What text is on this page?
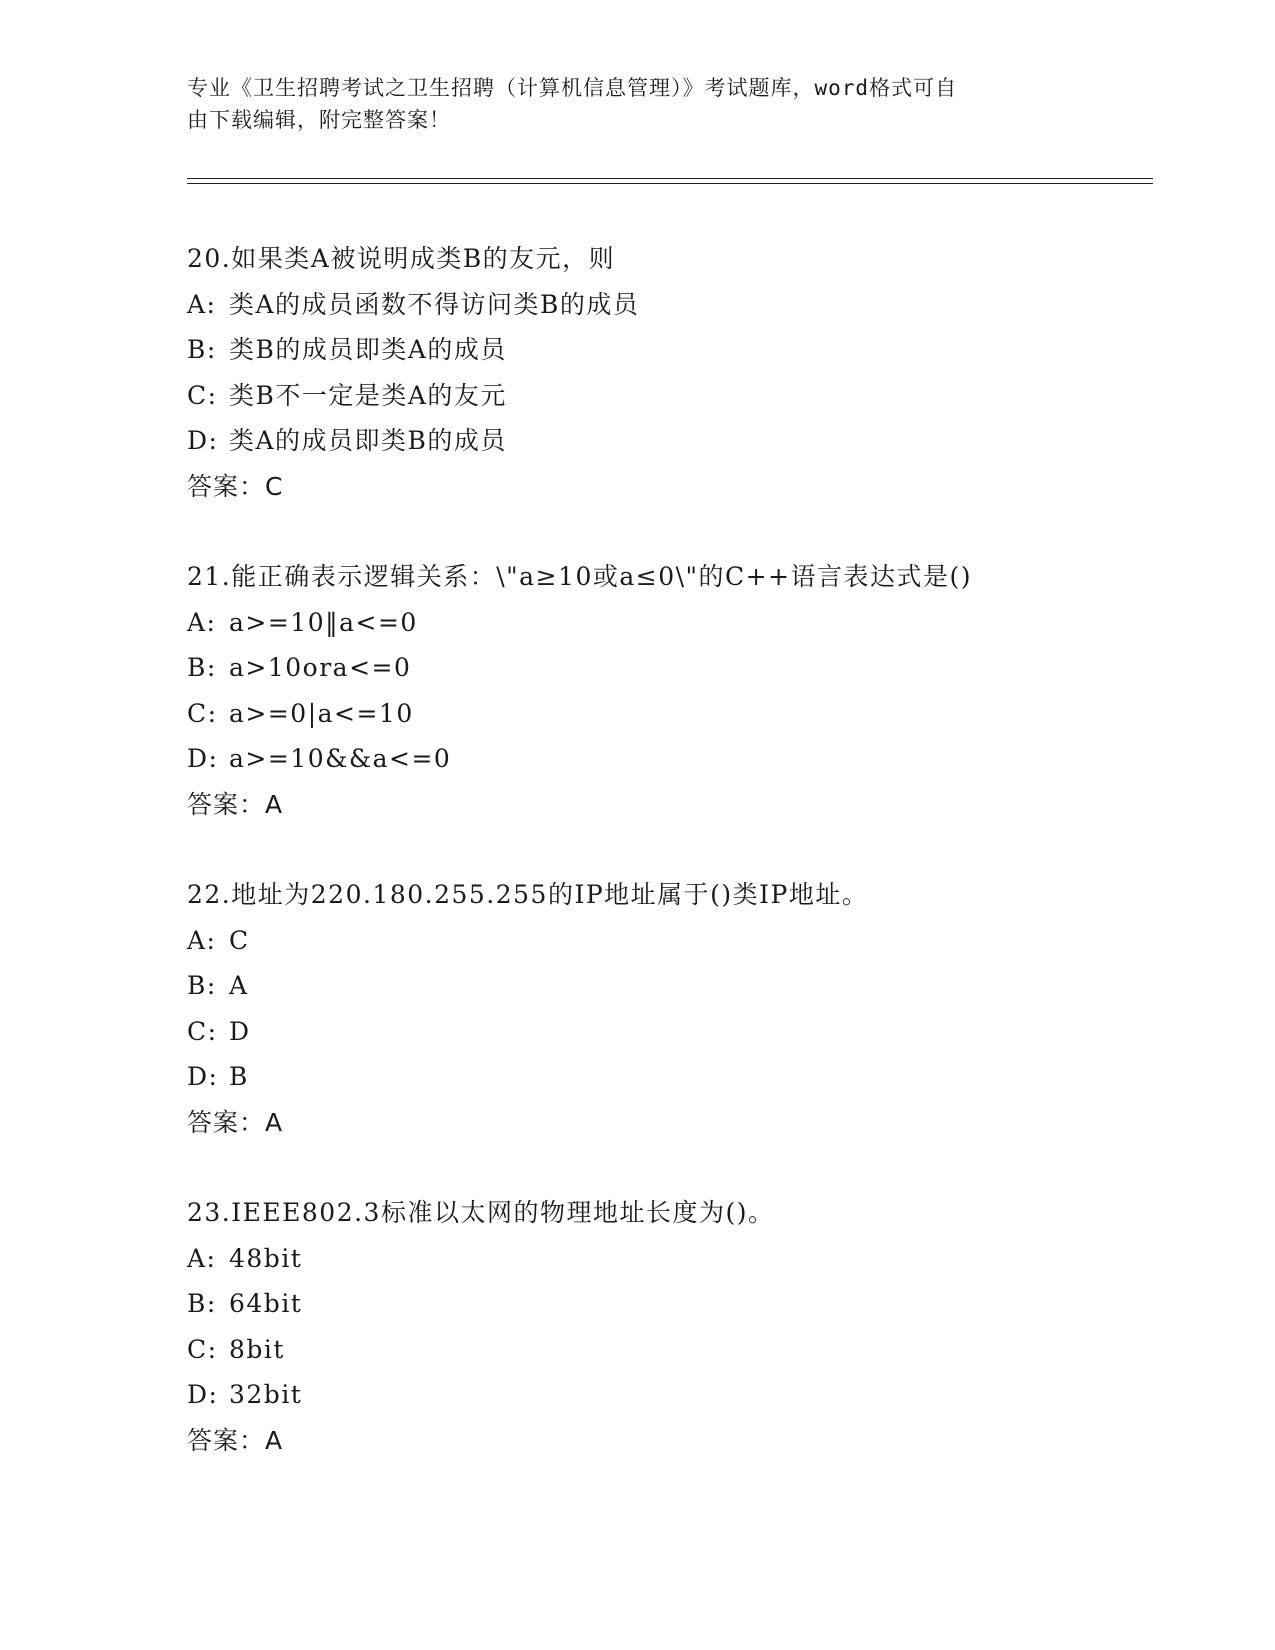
专业《卫生招聘考试之卫生招聘（计算机信息管理）》考试题库，word格式可自
由下载编辑，附完整答案！
20.如果类A被说明成类B的友元，则
A: 类A的成员函数不得访问类B的成员
B: 类B的成员即类A的成员
C: 类B不一定是类A的友元
D: 类A的成员即类B的成员
答案：C
21.能正确表示逻辑关系：\"a≥10或a≤0\"的C++语言表达式是()
A: a>=10‖a<=0
B: a>10ora<=0
C: a>=0|a<=10
D: a>=10&&a<=0
答案：A
22.地址为220.180.255.255的IP地址属于()类IP地址。
A: C
B: A
C: D
D: B
答案：A
23.IEEE802.3标准以太网的物理地址长度为()。
A: 48bit
B: 64bit
C: 8bit
D: 32bit
答案：A
